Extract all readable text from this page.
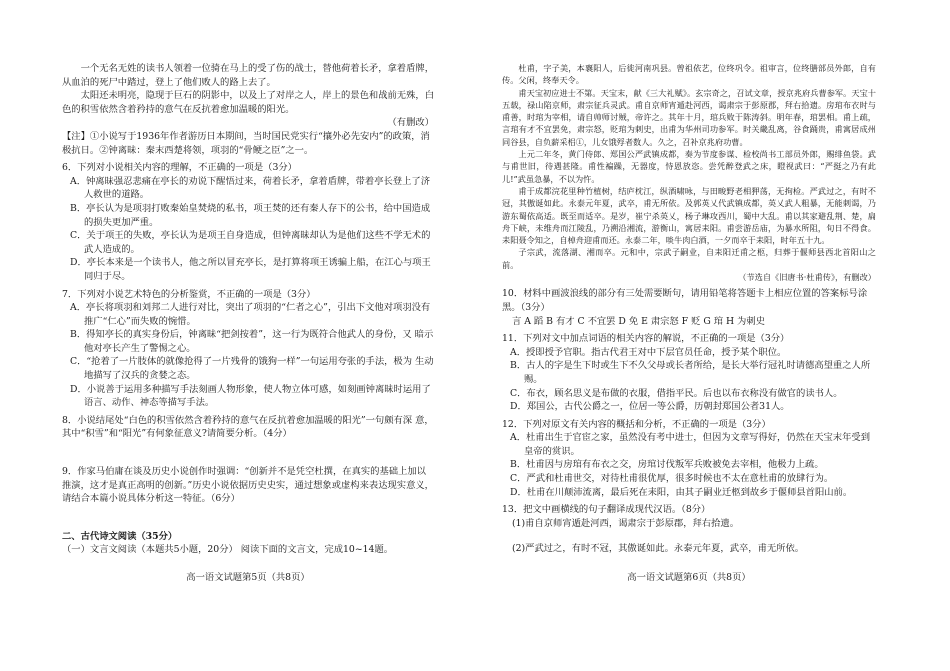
一个无名无姓的读书人领着一位骑在马上的受了伤的战士，替他荷着长矛，拿着盾牌，从血泊的死尸中踏过，登上了他们败人的路上去了。

太阳还未明亮，隐现于巨石的阴影中，以及上了对岸之人，岸上的景色和战前无殊，白色的积雪依然含着矜持的意气在反抗着愈加温暖的阳光。

（有删改）

【注】①小说写于1936年作者游历日本期间，当时国民党实行“攘外必先安内”的政策，消极抗日。②钟离昧：秦末西楚将领，项羽的“骨鲠之臣”之一。

6．下列对小说相关内容的理解，不正确的一项是（3分）

A．钟离昧强忍悲痛在亭长的劝说下醒悟过来，荷着长矛，拿着盾牌，带着亭长登上了济人救世的道路。

B．亭长认为是项羽打败秦始皇焚烧的私书，项王焚的还有秦人存下的公书，给中国造成的损失更加严重。

C．关于项王的失败，亭长认为是项王自身造成，但钟离昧却认为是他们这些不学无术的武人造成的。

D．亭长本来是一个读书人，他之所以冒充亭长，是打算将项王诱骗上船，在江心与项王同归于尽。

7．下列对小说艺术特色的分析鉴赏，不正确的一项是（3分）

A．亭长将项羽和刘邦二人进行对比，突出了项羽的“仁者之心”，引出下文他对项羽没有推广“仁心”而失败的惋惜。

B．得知亭长的真实身份后，钟离昧“把剑按着”，这一行为既符合他武人的身份，又 暗示他对亭长产生了警惕之心。

C．“抢着了一片肢体的就像抢得了一片残骨的饿狗一样”一句运用夸张的手法，极为 生动地描写了汉兵的贪婪之态。

D．小说善于运用多种描写手法刻画人物形象，使人物立体可感，如刻画钟离昧时运用了语言、动作、神态等描写手法。

8．小说结尾处“白色的积雪依然含着矜持的意气在反抗着愈加温暖的阳光”一句颇有深 意，其中“积雪”和“阳光”有何象征意义?请简要分析。（4分）

9．作家马伯庸在谈及历史小说创作时强调：“创新并不是凭空杜撰，在真实的基础上加以推演，这才是真正高明的创新。”历史小说依据历史史实，通过想象或虚构来表达现实意义，请结合本篇小说具体分析这一特征。（6分）

二、古代诗文阅读（35分）

（一）文言文阅读（本题共5小题，20分） 阅读下面的文言文，完成10~14题。

杜甫，字子美，本襄阳人，后徙河南巩县。曾祖依艺，位终巩令。祖审言，位终膳部员外郎，自有传。父闲，终奉天令。

甫天宝初应进士不第。天宝末，献《三大礼赋》。玄宗奇之，召试文章，授京兆府兵曹参军。天宝十五载，禄山陷京师，肃宗征兵灵武。甫自京师宵遁赴河西，谒肃宗于彭原郡，拜右拾遗。房琯布衣时与甫善，时琯为宰相，请自帅师讨贼，帝许之。其年十月，琯兵败于陈涛斜。明年春，琯罢相。甫上疏，言琯有才不宜罢免，肃宗怒，贬琯为刺史，出甫为华州司功参军。时关畿乱离，谷食踊贵，甫寓居成州同谷县，自负薪采梠①，儿女饿殍者数人。久之，召补京兆府功曹。

上元二年冬，黄门侍郎、郑国公严武镇成都，奏为节度参谋、检校尚书工部员外郎，赐绯鱼袋。武与甫世旧，待遇甚隆。甫性褊躁，无器度，恃恩放恣。尝凭醉登武之床，瞪视武曰：“严挺之乃有此儿!”武虽急暴，不以为忤。

甫于成都浣花里种竹植树，结庐枕江，纵酒啸咏，与田畯野老相狎荡，无拘检。严武过之，有时不冠，其傲诞如此。永泰元年夏，武卒，甫无所依。及郭英乂代武镇成都，英乂武人粗暴，无能刺谒，乃游东蜀依高适。既至而适卒。是岁，崔宁杀英乂，杨子琳攻西川，蜀中大乱。甫以其家避乱荆、楚，扁舟下峡，未维舟而江陵乱，乃溯沿湘流，游衡山，寓居耒阳。甫尝游岳庙，为暴水所阻，旬日不得食。耒阳聂令知之，自棹舟迎甫而还。永泰二年，啖牛肉白酒，一夕而卒于耒阳，时年五十九。

子宗武，流落湖、湘而卒。元和中，宗武子嗣业，自耒阳迁甫之柩，归葬于偃师县西北首阳山之前。

（节选自《旧唐书·杜甫传》，有删改）

10．材料中画波浪线的部分有三处需要断句，请用铅笔将答题卡上相应位置的答案标号涂黑。（3分）

言 A 蹈 B 有才 C 不宜罢 D 免 E 肃宗怒 F 贬 G 琯 H 为刺史

11．下列对文中加点词语的相关内容的解说，不正确的一项是（3分）

A．授即授予官职。指古代君王对中下层官员任命，授予某个职位。

B．古人的字是生下时或生下不久父母或长者所给，是长大举行冠礼时请德高望重之人所赐。

C．布衣，顾名思义是布做的衣服，借指平民。后也以布衣称没有做官的读书人。

D．郑国公，古代公爵之一，位居一等公爵，历朝封郑国公者31人。

12．下列对原文有关内容的概括和分析，不正确的一项是（3分）

A．杜甫出生于官宦之家，虽然没有考中进士，但因为文章写得好，仍然在天宝末年受到皇帝的赏识。

B．杜甫因与房琯有布衣之交，房琯讨伐叛军兵败被免去宰相，他极力上疏。

C．严武和杜甫世交，对待杜甫很优厚，很多时候也不太在意杜甫的放肆行为。

D．杜甫在川颠沛流离，最后死在耒阳，由其子嗣业迁柩到故乡于偃师县首阳山前。

13．把文中画横线的句子翻译成现代汉语。（8分）

(1)甫自京师宵遁赴河西，谒肃宗于彭原郡，拜右拾遗。

(2)严武过之，有时不冠，其傲诞如此。永泰元年夏，武卒，甫无所依。

高一语文试题第5页（共8页）	高一语文试题第6页（共8页）
